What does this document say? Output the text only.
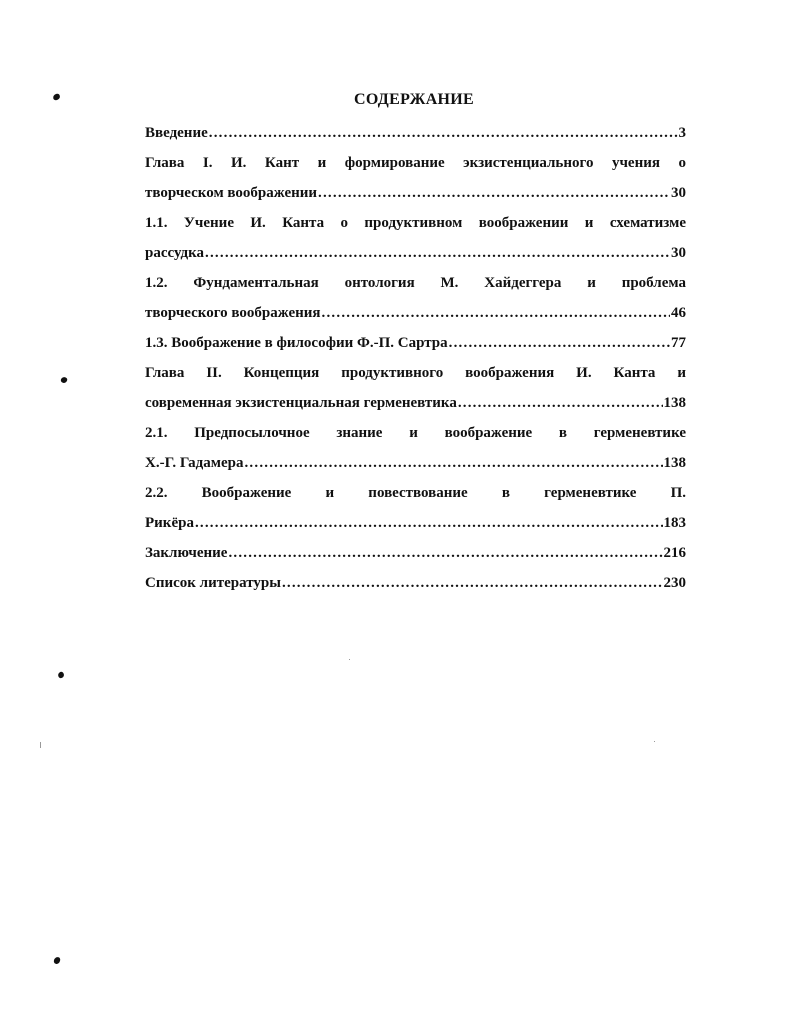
СОДЕРЖАНИЕ
Введение .....	3
Глава I. И. Кант и формирование экзистенциального учения о
творческом воображении .....	30
1.1. Учение И. Канта о продуктивном воображении и схематизме
рассудка .....	30
1.2. Фундаментальная онтология М. Хайдеггера и проблема
творческого воображения .....	46
1.3. Воображение в философии Ф.-П. Сартра .....	77
Глава II. Концепция продуктивного воображения И. Канта и
современная экзистенциальная герменевтика .....	138
2.1. Предпосылочное знание и воображение в герменевтике
Х.-Г. Гадамера .....	138
2.2. Воображение и повествование в герменевтике П.
Рикёра .....	183
Заключение .....	216
Список литературы .....	230
